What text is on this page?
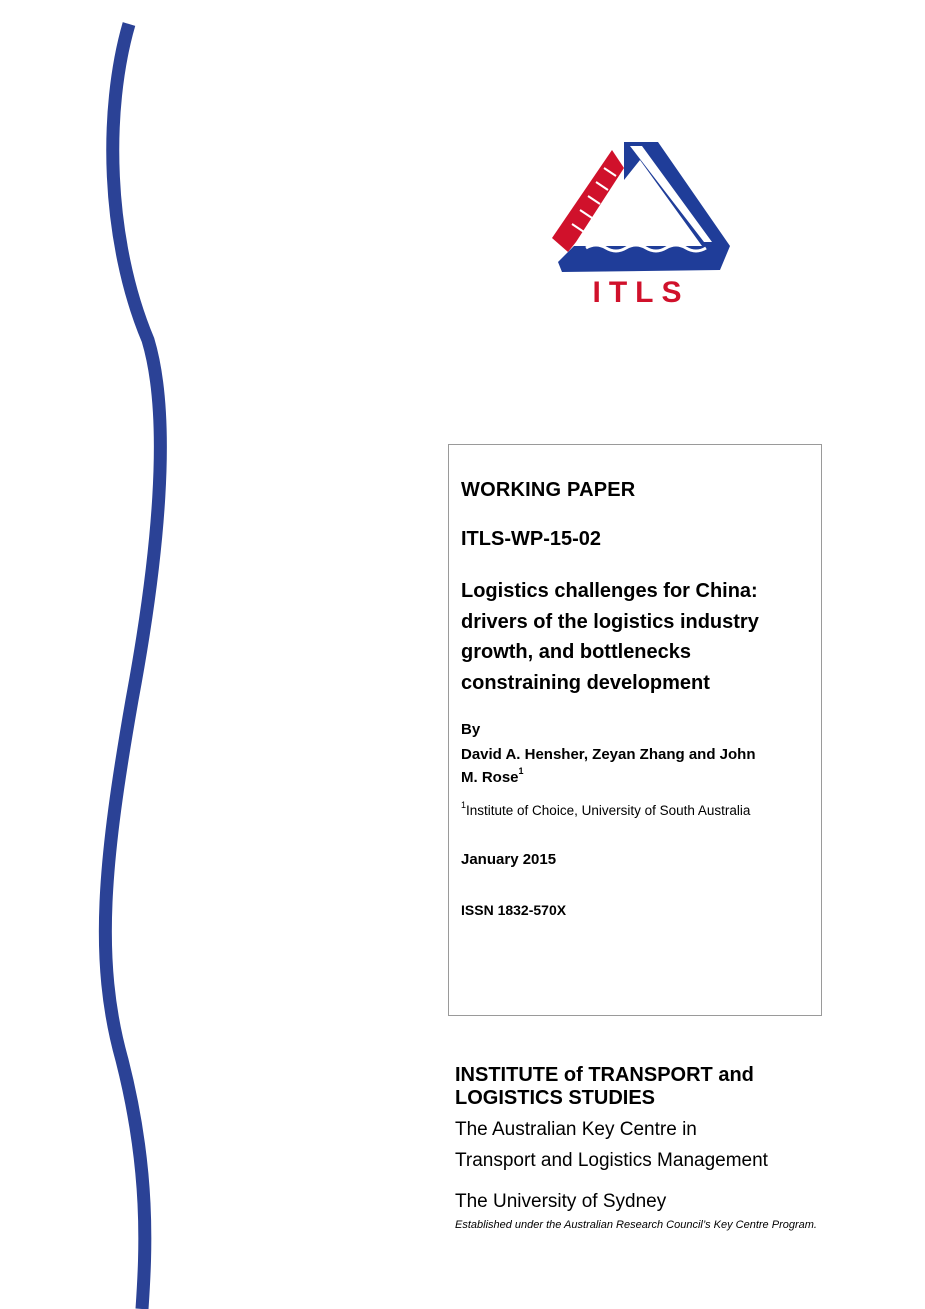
ITLS
WORKING PAPER
ITLS-WP-15-02
Logistics challenges for China:
drivers of the logistics industry
growth, and bottlenecks
constraining development
By
David A. Hensher, Zeyan Zhang and John
M. Rose$^1$
$^1$Institute of Choice, University of South Australia
January 2015
ISSN 1832-570X
INSTITUTE of TRANSPORT and
LOGISTICS STUDIES
The Australian Key Centre in
Transport and Logistics Management
The University of Sydney
Established under the Australian Research Council’s Key Centre Program.
